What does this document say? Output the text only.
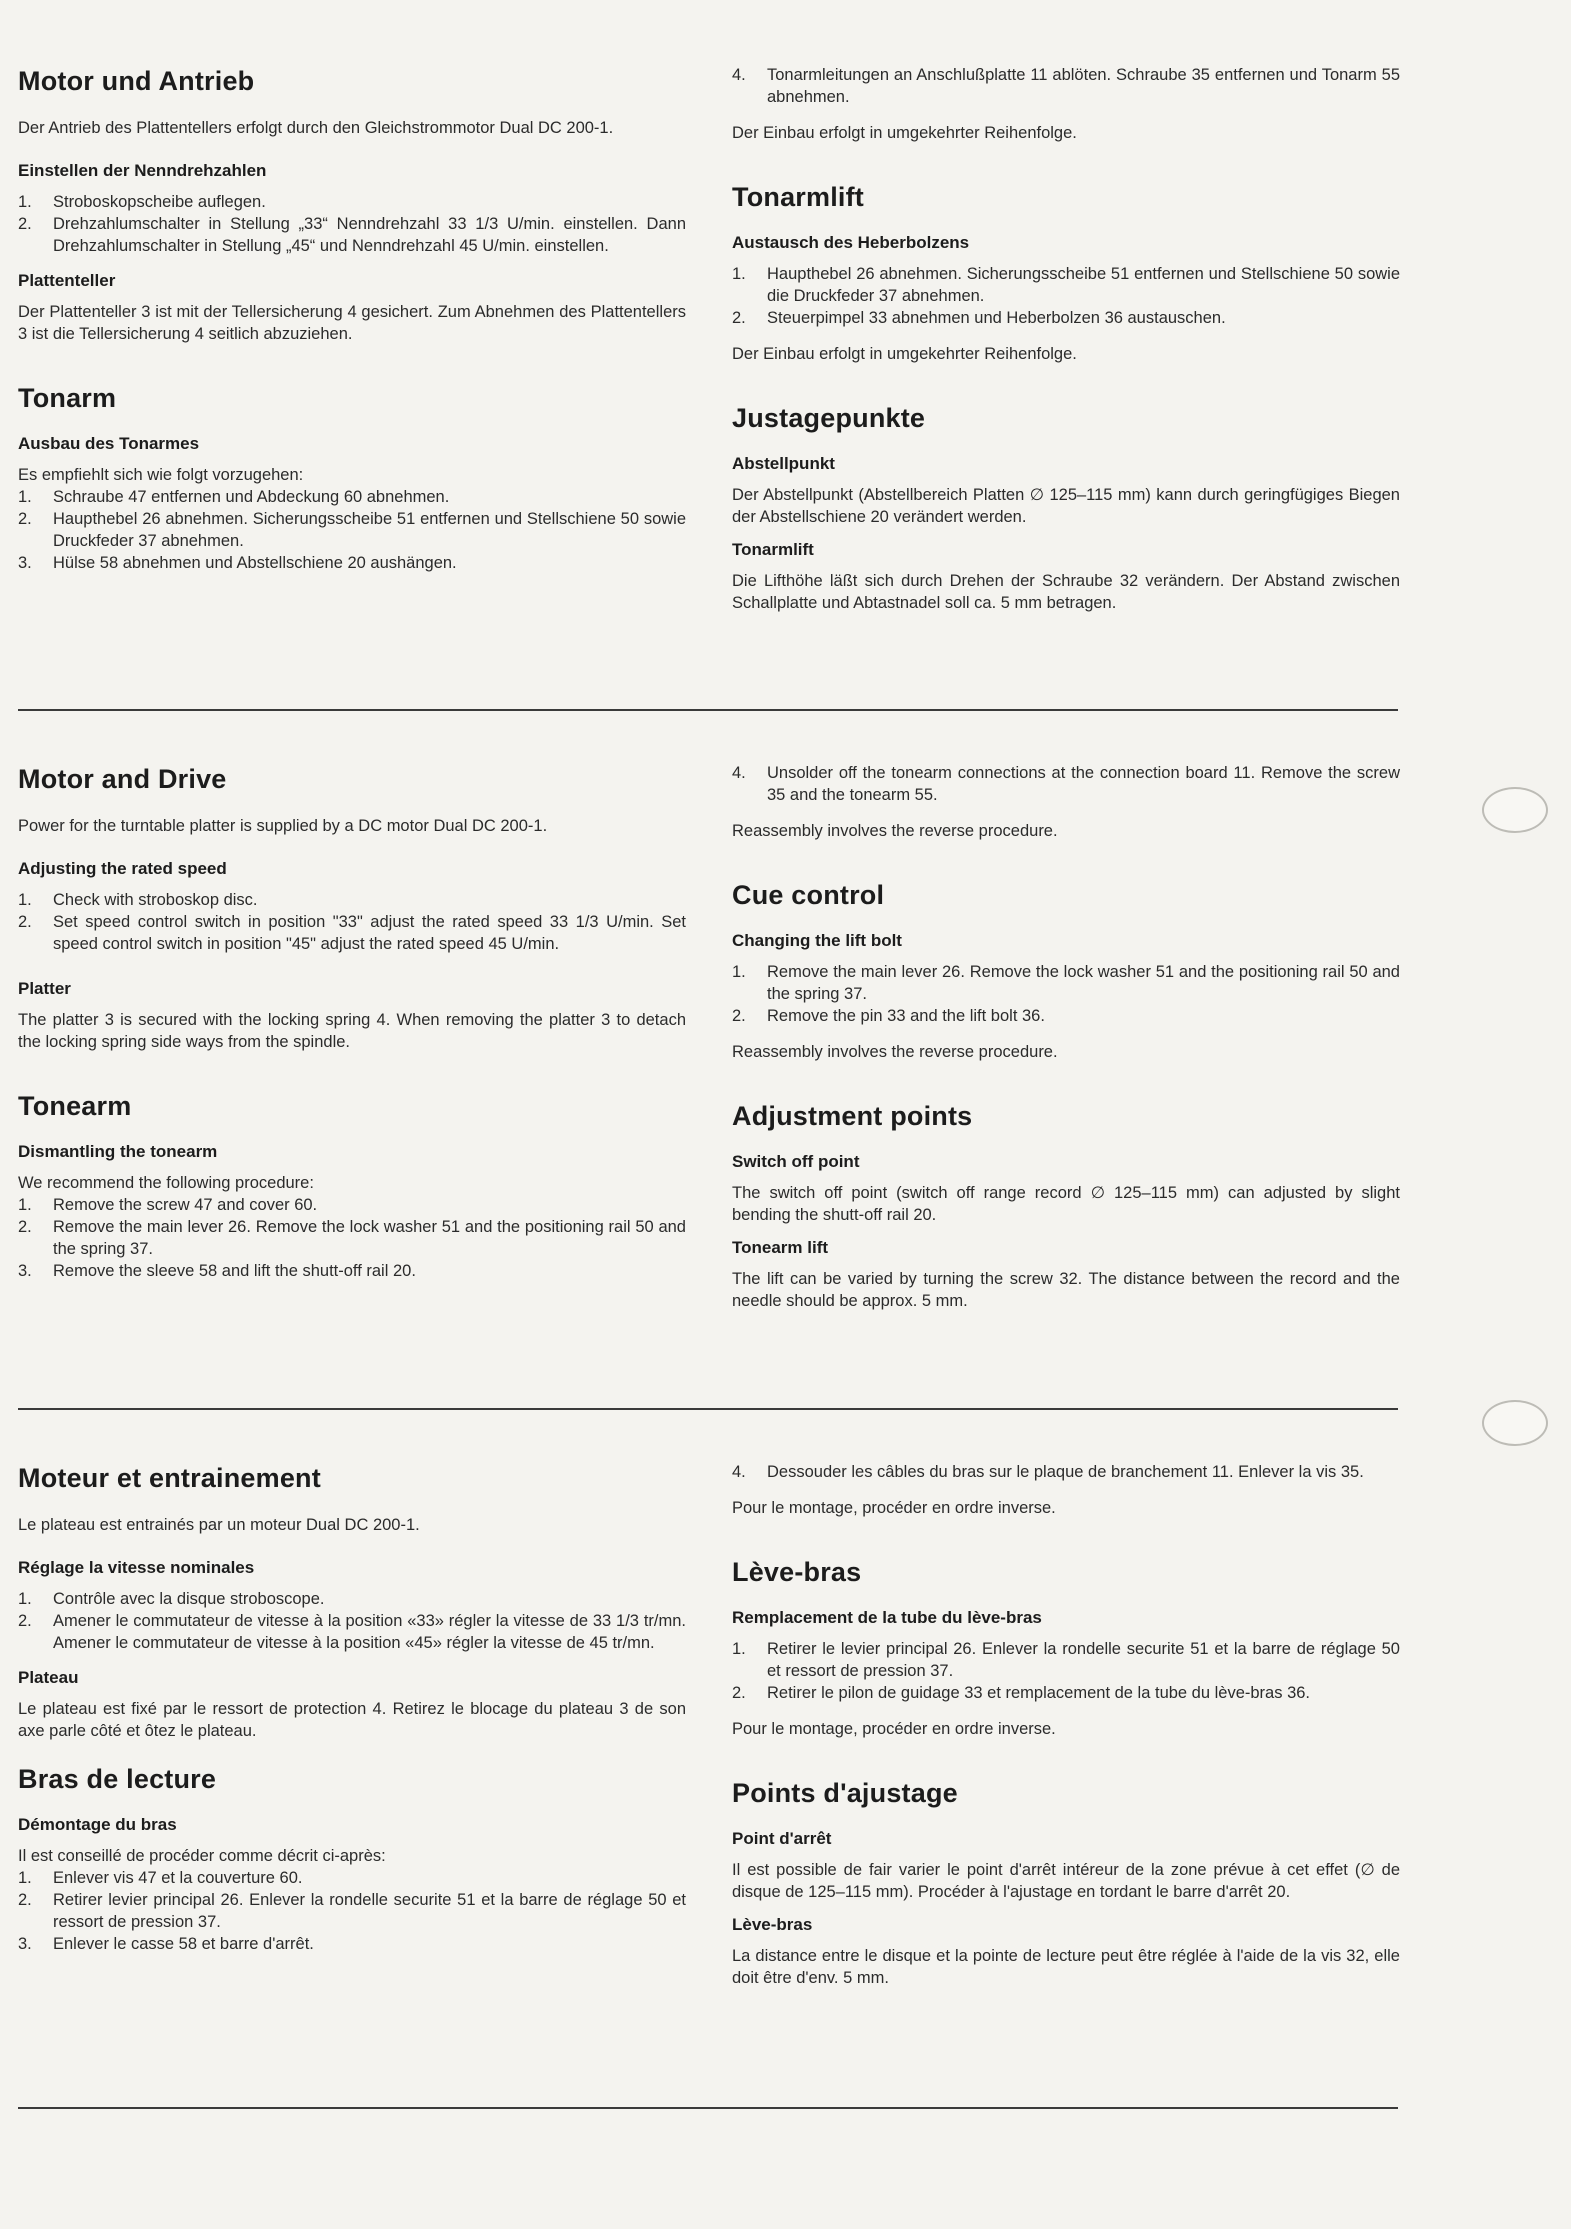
Motor und Antrieb

Der Antrieb des Plattentellers erfolgt durch den Gleichstrommotor Dual DC 200-1.

Einstellen der Nenndrehzahlen
1.	Stroboskopscheibe auflegen.
2.	Drehzahlumschalter in Stellung „33“ Nenndrehzahl 33 1/3 U/min. einstellen. Dann Drehzahlumschalter in Stellung „45“ und Nenndrehzahl 45 U/min. einstellen.
Plattenteller

Der Plattenteller 3 ist mit der Tellersicherung 4 gesichert. Zum Abnehmen des Plattentellers 3 ist die Tellersicherung 4 seitlich abzuziehen.

Tonarm
Ausbau des Tonarmes

Es empfiehlt sich wie folgt vorzugehen:

1.	Schraube 47 entfernen und Abdeckung 60 abnehmen.
2.	Haupthebel 26 abnehmen. Sicherungsscheibe 51 entfernen und Stellschiene 50 sowie Druckfeder 37 abnehmen.
3.	Hülse 58 abnehmen und Abstellschiene 20 aushängen.
4.	Tonarmleitungen an Anschlußplatte 11 ablöten. Schraube 35 entfernen und Tonarm 55 abnehmen.

Der Einbau erfolgt in umgekehrter Reihenfolge.

Tonarmlift
Austausch des Heberbolzens
1.	Haupthebel 26 abnehmen. Sicherungsscheibe 51 entfernen und Stellschiene 50 sowie die Druckfeder 37 abnehmen.
2.	Steuerpimpel 33 abnehmen und Heberbolzen 36 austauschen.

Der Einbau erfolgt in umgekehrter Reihenfolge.

Justagepunkte
Abstellpunkt

Der Abstellpunkt (Abstellbereich Platten ∅ 125–115 mm) kann durch geringfügiges Biegen der Abstellschiene 20 verändert werden.

Tonarmlift

Die Lifthöhe läßt sich durch Drehen der Schraube 32 verändern. Der Abstand zwischen Schallplatte und Abtastnadel soll ca. 5 mm betragen.

Motor and Drive

Power for the turntable platter is supplied by a DC motor Dual DC 200-1.

Adjusting the rated speed
1.	Check with stroboskop disc.
2.	Set speed control switch in position "33" adjust the rated speed 33 1/3 U/min. Set speed control switch in position "45" adjust the rated speed 45 U/min.
Platter

The platter 3 is secured with the locking spring 4. When removing the platter 3 to detach the locking spring side ways from the spindle.

Tonearm
Dismantling the tonearm

We recommend the following procedure:

1.	Remove the screw 47 and cover 60.
2.	Remove the main lever 26. Remove the lock washer 51 and the positioning rail 50 and the spring 37.
3.	Remove the sleeve 58 and lift the shutt-off rail 20.
4.	Unsolder off the tonearm connections at the connection board 11. Remove the screw 35 and the tonearm 55.

Reassembly involves the reverse procedure.

Cue control
Changing the lift bolt
1.	Remove the main lever 26. Remove the lock washer 51 and the positioning rail 50 and the spring 37.
2.	Remove the pin 33 and the lift bolt 36.

Reassembly involves the reverse procedure.

Adjustment points
Switch off point

The switch off point (switch off range record ∅ 125–115 mm) can adjusted by slight bending the shutt-off rail 20.

Tonearm lift

The lift can be varied by turning the screw 32. The distance between the record and the needle should be approx. 5 mm.

Moteur et entrainement

Le plateau est entrainés par un moteur Dual DC 200-1.

Réglage la vitesse nominales
1.	Contrôle avec la disque stroboscope.
2.	Amener le commutateur de vitesse à la position «33» régler la vitesse de 33 1/3 tr/mn. Amener le commutateur de vitesse à la position «45» régler la vitesse de 45 tr/mn.
Plateau

Le plateau est fixé par le ressort de protection 4. Retirez le blocage du plateau 3 de son axe parle côté et ôtez le plateau.

Bras de lecture
Démontage du bras

Il est conseillé de procéder comme décrit ci-après:

1.	Enlever vis 47 et la couverture 60.
2.	Retirer levier principal 26. Enlever la rondelle securite 51 et la barre de réglage 50 et ressort de pression 37.
3.	Enlever le casse 58 et barre d'arrêt.
4.	Dessouder les câbles du bras sur le plaque de branchement 11. Enlever la vis 35.

Pour le montage, procéder en ordre inverse.

Lève-bras
Remplacement de la tube du lève-bras
1.	Retirer le levier principal 26. Enlever la rondelle securite 51 et la barre de réglage 50 et ressort de pression 37.
2.	Retirer le pilon de guidage 33 et remplacement de la tube du lève-bras 36.

Pour le montage, procéder en ordre inverse.

Points d'ajustage
Point d'arrêt

Il est possible de fair varier le point d'arrêt intéreur de la zone prévue à cet effet (∅ de disque de 125–115 mm). Procéder à l'ajustage en tordant le barre d'arrêt 20.

Lève-bras

La distance entre le disque et la pointe de lecture peut être réglée à l'aide de la vis 32, elle doit être d'env. 5 mm.
